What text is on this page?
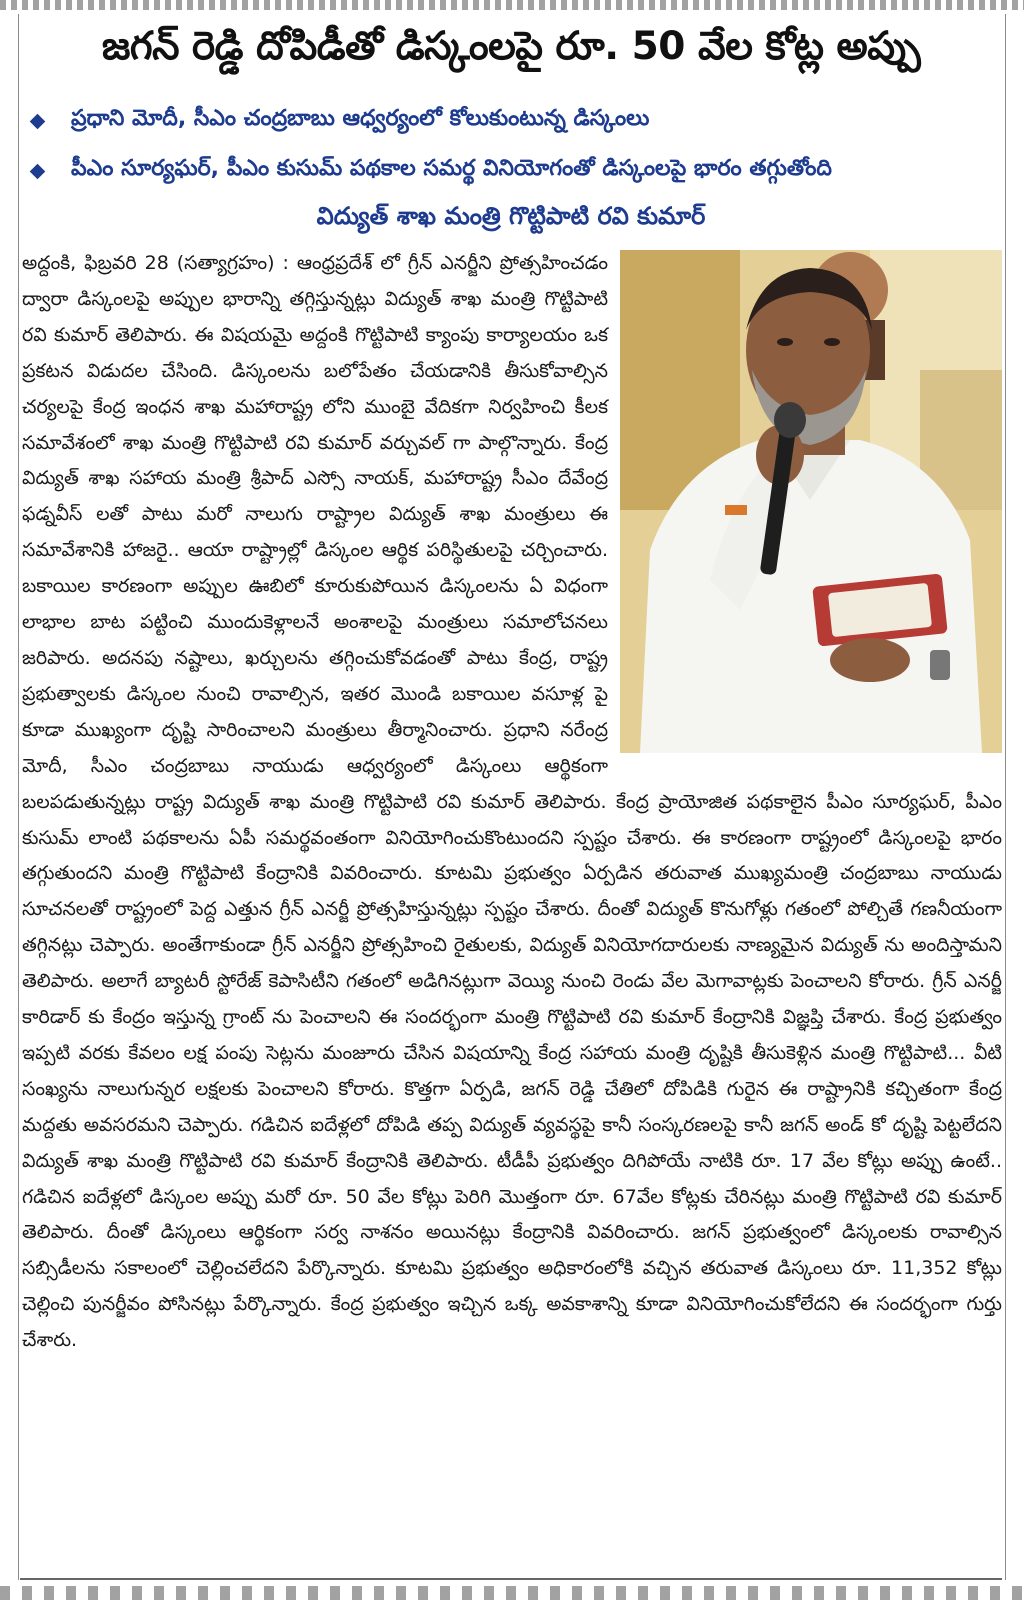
జగన్ రెడ్డి దోపిడీతో డిస్కంలపై రూ. 50 వేల కోట్ల అప్పు
ప్రధాని మోదీ, సీఎం చంద్రబాబు ఆధ్వర్యంలో కోలుకుంటున్న డిస్కంలు
పీఎం సూర్యఘర్, పీఎం కుసుమ్ పథకాల సమర్థ వినియోగంతో డిస్కంలపై భారం తగ్గుతోంది
విద్యుత్ శాఖ మంత్రి గొట్టిపాటి రవి కుమార్
అద్దంకి, ఫిబ్రవరి 28 (సత్యాగ్రహం) : ఆంధ్రప్రదేశ్ లో గ్రీన్ ఎనర్జీని ప్రోత్సహించడం ద్వారా డిస్కంలపై అప్పుల భారాన్ని తగ్గిస్తున్నట్లు విద్యుత్ శాఖ మంత్రి గొట్టిపాటి రవి కుమార్ తెలిపారు. ఈ విషయమై అద్దంకి గొట్టిపాటి క్యాంపు కార్యాలయం ఒక ప్రకటన విడుదల చేసింది. డిస్కంలను బలోపేతం చేయడానికి తీసుకోవాల్సిన చర్యలపై కేంద్ర ఇంధన శాఖ మహారాష్ట్ర లోని ముంబై వేదికగా నిర్వహించి కీలక సమావేశంలో శాఖ మంత్రి గొట్టిపాటి రవి కుమార్ వర్చువల్ గా పాల్గొన్నారు. కేంద్ర విద్యుత్ శాఖ సహాయ మంత్రి శ్రీపాద్ ఎస్సో నాయక్, మహారాష్ట్ర సీఎం దేవేంద్ర ఫడ్నవీస్ లతో పాటు మరో నాలుగు రాష్ట్రాల విద్యుత్ శాఖ మంత్రులు ఈ సమావేశానికి హాజరై.. ఆయా రాష్ట్రాల్లో డిస్కంల ఆర్థిక పరిస్థితులపై చర్చించారు. బకాయిల కారణంగా అప్పుల ఊబిలో కూరుకుపోయిన డిస్కంలను ఏ విధంగా లాభాల బాట పట్టించి ముందుకెళ్లాలనే అంశాలపై మంత్రులు సమాలోచనలు జరిపారు. అదనపు నష్టాలు, ఖర్చులను తగ్గించుకోవడంతో పాటు కేంద్ర, రాష్ట్ర ప్రభుత్వాలకు డిస్కంల నుంచి రావాల్సిన, ఇతర మొండి బకాయిల వసూళ్ల పై కూడా ముఖ్యంగా దృష్టి సారించాలని మంత్రులు తీర్మానించారు. ప్రధాని నరేంద్ర మోదీ, సీఎం చంద్రబాబు నాయుడు ఆధ్వర్యంలో డిస్కంలు ఆర్థికంగా బలపడుతున్నట్లు రాష్ట్ర విద్యుత్ శాఖ మంత్రి గొట్టిపాటి రవి కుమార్ తెలిపారు. కేంద్ర ప్రాయోజిత పథకాలైన పీఎం సూర్యఘర్, పీఎం కుసుమ్ లాంటి పథకాలను ఏపీ సమర్థవంతంగా వినియోగించుకొంటుందని స్పష్టం చేశారు. ఈ కారణంగా రాష్ట్రంలో డిస్కంలపై భారం తగ్గుతుందని మంత్రి గొట్టిపాటి కేంద్రానికి వివరించారు. కూటమి ప్రభుత్వం ఏర్పడిన తరువాత ముఖ్యమంత్రి చంద్రబాబు నాయుడు సూచనలతో రాష్ట్రంలో పెద్ద ఎత్తున గ్రీన్ ఎనర్జీ ప్రోత్సహిస్తున్నట్లు స్పష్టం చేశారు. దీంతో విద్యుత్ కొనుగోళ్లు గతంలో పోల్చితే గణనీయంగా తగ్గినట్లు చెప్పారు. అంతేగాకుండా గ్రీన్ ఎనర్జీని ప్రోత్సహించి రైతులకు, విద్యుత్ వినియోగదారులకు నాణ్యమైన విద్యుత్ ను అందిస్తామని తెలిపారు. అలాగే బ్యాటరీ స్టోరేజ్ కెపాసిటీని గతంలో అడిగినట్లుగా వెయ్యి నుంచి రెండు వేల మెగావాట్లకు పెంచాలని కోరారు. గ్రీన్ ఎనర్జీ కారిడార్ కు కేంద్రం ఇస్తున్న గ్రాంట్ ను పెంచాలని ఈ సందర్భంగా మంత్రి గొట్టిపాటి రవి కుమార్ కేంద్రానికి విజ్ఞప్తి చేశారు. కేంద్ర ప్రభుత్వం ఇప్పటి వరకు కేవలం లక్ష పంపు సెట్లను మంజూరు చేసిన విషయాన్ని కేంద్ర సహాయ మంత్రి దృష్టికి తీసుకెళ్లిన మంత్రి గొట్టిపాటి... వీటి సంఖ్యను నాలుగున్నర లక్షలకు పెంచాలని కోరారు. కొత్తగా ఏర్పడి, జగన్ రెడ్డి చేతిలో దోపిడికి గురైన ఈ రాష్ట్రానికి కచ్చితంగా కేంద్ర మద్దతు అవసరమని చెప్పారు. గడిచిన ఐదేళ్లలో దోపిడి తప్ప విద్యుత్ వ్యవస్థపై కానీ సంస్కరణలపై కానీ జగన్ అండ్ కో దృష్టి పెట్టలేదని విద్యుత్ శాఖ మంత్రి గొట్టిపాటి రవి కుమార్ కేంద్రానికి తెలిపారు. టీడీపీ ప్రభుత్వం దిగిపోయే నాటికి రూ. 17 వేల కోట్లు అప్పు ఉంటే.. గడిచిన ఐదేళ్లలో డిస్కంల అప్పు మరో రూ. 50 వేల కోట్లు పెరిగి మొత్తంగా రూ. 67వేల కోట్లకు చేరినట్లు మంత్రి గొట్టిపాటి రవి కుమార్ తెలిపారు. దీంతో డిస్కంలు ఆర్థికంగా సర్వ నాశనం అయినట్లు కేంద్రానికి వివరించారు. జగన్ ప్రభుత్వంలో డిస్కంలకు రావాల్సిన సబ్సిడీలను సకాలంలో చెల్లించలేదని పేర్కొన్నారు. కూటమి ప్రభుత్వం అధికారంలోకి వచ్చిన తరువాత డిస్కంలు రూ. 11,352 కోట్లు చెల్లించి పునర్జీవం పోసినట్లు పేర్కొన్నారు. కేంద్ర ప్రభుత్వం ఇచ్చిన ఒక్క అవకాశాన్ని కూడా వినియోగించుకోలేదని ఈ సందర్భంగా గుర్తు చేశారు.
